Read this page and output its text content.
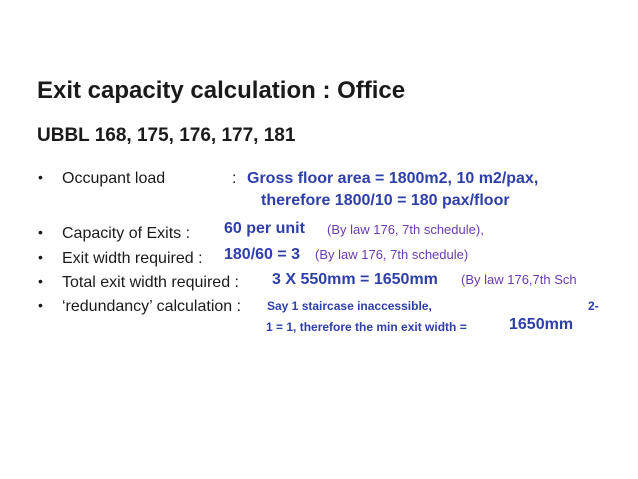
Exit capacity calculation : Office
UBBL 168, 175, 176, 177, 181
• Occupant load	: Gross floor area = 1800m2, 10 m2/pax,
therefore 1800/10 = 180 pax/floor
• Capacity of Exits : 60 per unit (By law 176, 7th schedule),
• Exit width required : 180/60 = 3 (By law 176, 7th schedule)
• Total exit width required : 3 X 550mm = 1650mm (By law 176,7th Sch
• ‘redundancy’ calculation : Say 1 staircase inaccessible,	2-
1 = 1, therefore the min exit width =	1650mm
